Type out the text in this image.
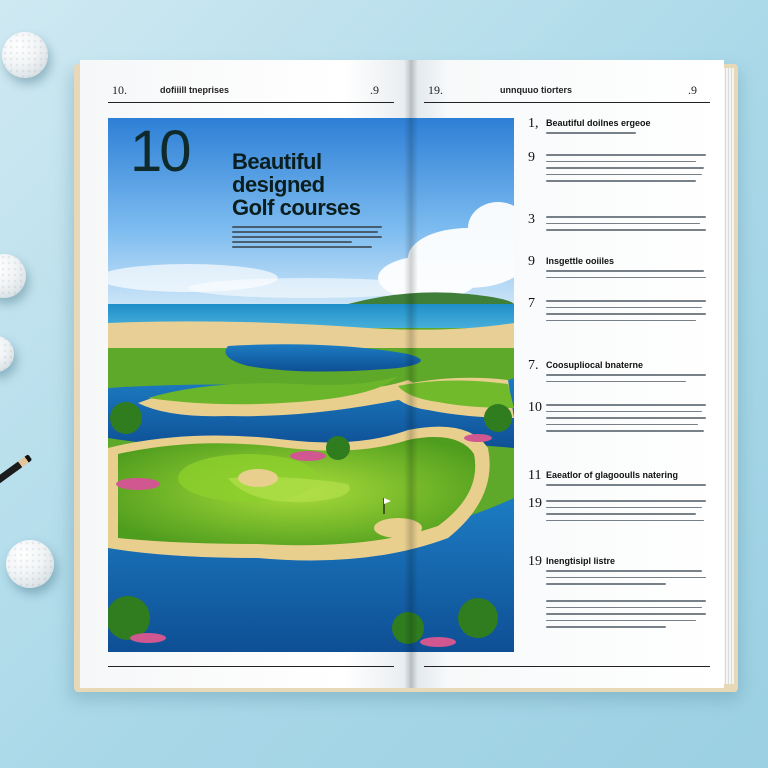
10.	dofiiill tneprises	.9	19.	unnquuo tiorters	.9
10 Beautiful
designed
Golf courses
1, Beautiful doilnes ergeoe
9
3
9 Insgettle ooiiles
7
7. Coosupliocal bnaterne
10
11 Eaeatlor of glagooulls natering
19
19 Inengtisipl listre
